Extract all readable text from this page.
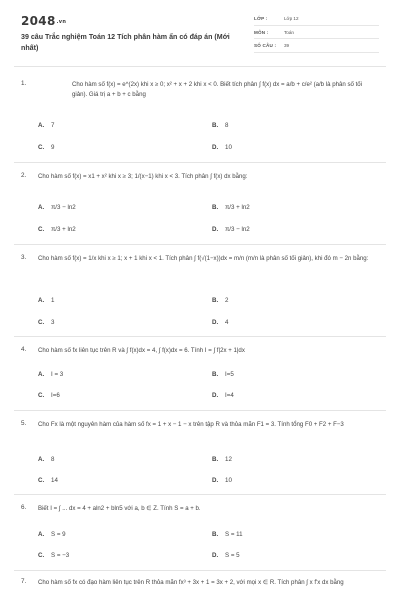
2048.vn
39 câu Trắc nghiệm Toán 12 Tích phân hàm ẩn có đáp án (Mới nhất)
LỚP :	Lớp 12
MÔN :	Toán
SỐ CÂU : 39
1.	Cho hàm số f(x) = e^(2x) khi x ≥ 0; x² + x + 2 khi x < 0. Biết tích phân ∫ f(x) dx = a/b + c/e² (a/b là phân số tối giản). Giá trị a + b + c bằng
A. 7	B. 8
C. 9	D. 10
2. Cho hàm số f(x) = x1 + x² khi x ≥ 3; 1/(x−1) khi x < 3. Tích phân ∫ f(x) dx bằng:
A. π/3 − ln2	B. π/3 + ln2
C. π/3 + ln2	D. π/3 − ln2
3. Cho hàm số f(x) = 1/x khi x ≥ 1; x + 1 khi x < 1. Tích phân ∫ f(√(1−x))dx = m/n (m/n là phân số tối giản), khi đó m − 2n bằng:
A. 1	B. 2
C. 3	D. 4
4. Cho hàm số fx liên tục trên R và ∫ f(x)dx = 4, ∫ f(x)dx = 6. Tính I = ∫ f|2x + 1|dx
A. I = 3	B. I=5
C. I=6	D. I=4
5. Cho Fx là một nguyên hàm của hàm số fx = 1 + x − 1 − x trên tập R và thỏa mãn F1 = 3. Tính tổng F0 + F2 + F−3
A. 8	B. 12
C. 14	D. 10
6. Biết I = ∫ ... dx = 4 + aln2 + bln5 với a, b ∈ Z. Tính S = a + b.
A. S = 9	B. S = 11
C. S = −3	D. S = 5
7. Cho hàm số fx có đạo hàm liên tục trên R thỏa mãn fx³ + 3x + 1 = 3x + 2, với mọi x ∈ R. Tích phân ∫ x f'x dx bằng
